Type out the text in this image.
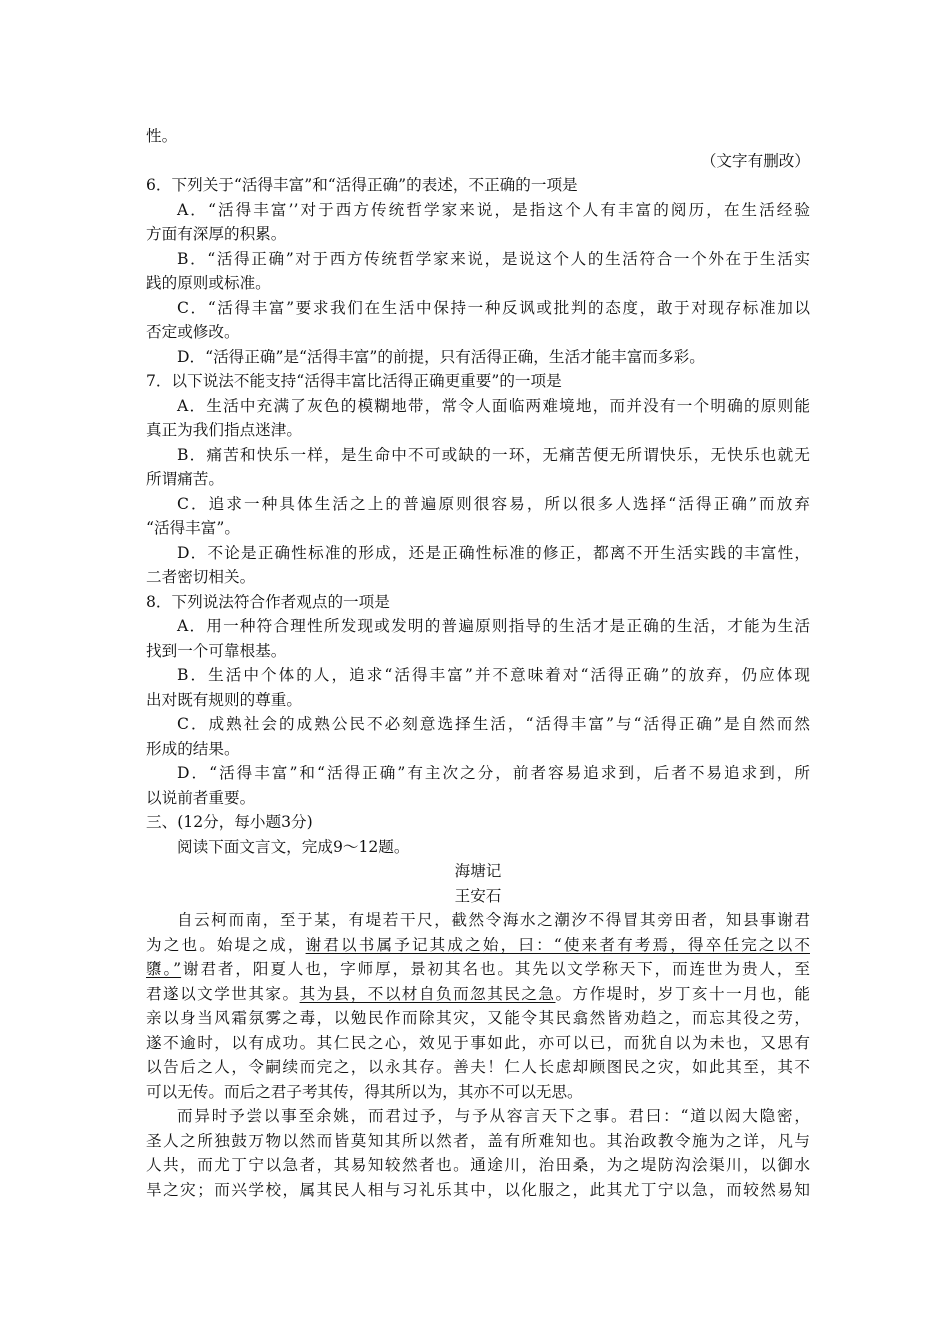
性。
（文字有删改）
6．下列关于“活得丰富”和“活得正确”的表述，不正确的一项是
A．“活得丰富’’对于西方传统哲学家来说，是指这个人有丰富的阅历，在生活经验
方面有深厚的积累。
B．“活得正确”对于西方传统哲学家来说，是说这个人的生活符合一个外在于生活实
践的原则或标准。
C．“活得丰富”要求我们在生活中保持一种反讽或批判的态度，敢于对现存标准加以
否定或修改。
D．“活得正确”是“活得丰富”的前提，只有活得正确，生活才能丰富而多彩。
7．以下说法不能支持“活得丰富比活得正确更重要”的一项是
A．生活中充满了灰色的模糊地带，常令人面临两难境地，而并没有一个明确的原则能
真正为我们指点迷津。
B．痛苦和快乐一样，是生命中不可或缺的一环，无痛苦便无所谓快乐，无快乐也就无
所谓痛苦。
C．追求一种具体生活之上的普遍原则很容易，所以很多人选择“活得正确”而放弃
“活得丰富”。
D．不论是正确性标准的形成，还是正确性标准的修正，都离不开生活实践的丰富性，
二者密切相关。
8．下列说法符合作者观点的一项是
A．用一种符合理性所发现或发明的普遍原则指导的生活才是正确的生活，才能为生活
找到一个可靠根基。
B．生活中个体的人，追求“活得丰富”并不意味着对“活得正确”的放弃，仍应体现
出对既有规则的尊重。
C．成熟社会的成熟公民不必刻意选择生活，“活得丰富”与“活得正确”是自然而然
形成的结果。
D．“活得丰富”和“活得正确”有主次之分，前者容易追求到，后者不易追求到，所
以说前者重要。
三、(12分，每小题3分)
阅读下面文言文，完成9～12题。
海塘记
王安石
自云柯而南，至于某，有堤若干尺，截然令海水之潮汐不得冒其旁田者，知县事谢君
为之也。始堤之成，谢君以书属予记其成之始，曰：“使来者有考焉，得卒任完之以不
隳。”谢君者，阳夏人也，字师厚，景初其名也。其先以文学称天下，而连世为贵人，至
君遂以文学世其家。其为县，不以材自负而忽其民之急。方作堤时，岁丁亥十一月也，能
亲以身当风霜氛雾之毒，以勉民作而除其灾，又能令其民翕然皆劝趋之，而忘其役之劳，
遂不逾时，以有成功。其仁民之心，效见于事如此，亦可以已，而犹自以为未也，又思有
以告后之人，令嗣续而完之，以永其存。善夫！仁人长虑却顾图民之灾，如此其至，其不
可以无传。而后之君子考其传，得其所以为，其亦不可以无思。
而异时予尝以事至余姚，而君过予，与予从容言天下之事。君曰：“道以闳大隐密，
圣人之所独鼓万物以然而皆莫知其所以然者，盖有所难知也。其治政教令施为之详，凡与
人共，而尤丁宁以急者，其易知较然者也。通途川，治田桑，为之堤防沟浍渠川，以御水
旱之灾；而兴学校，属其民人相与习礼乐其中，以化服之，此其尤丁宁以急，而较然易知
